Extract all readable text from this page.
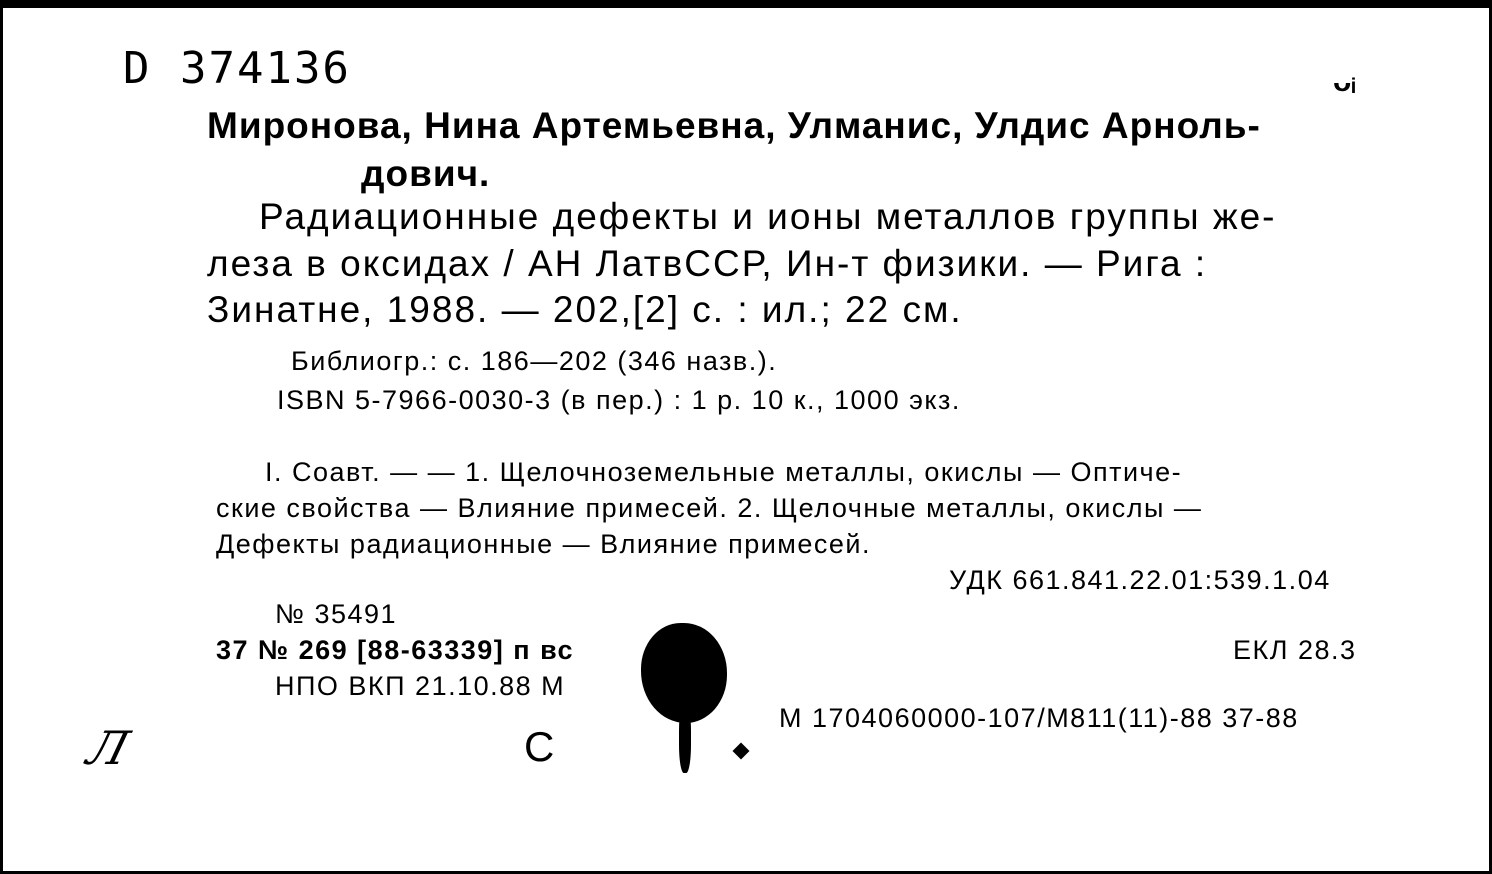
D 374136	ᴗᵢ
Миронова, Нина Артемьевна, Улманис, Улдис Арноль-
дович.
Радиационные дефекты и ионы металлов группы же-
леза в оксидах / АН ЛатвССР, Ин-т физики. — Рига :
Зинатне, 1988. — 202,[2] с. : ил.; 22 см.
Библиогр.: с. 186—202 (346 назв.).
ISBN 5-7966-0030-3 (в пер.) : 1 р. 10 к., 1000 экз.
I. Соавт. — — 1. Щелочноземельные металлы, окислы — Оптиче-
ские свойства — Влияние примесей. 2. Щелочные металлы, окислы —
Дефекты радиационные — Влияние примесей.
УДК 661.841.22.01:539.1.04
№ 35491
37 № 269 [88-63339] п вс
НПО ВКП 21.10.88 М
ЕКЛ 28.3
М 1704060000-107/М811(11)-88 37-88
Л	С
